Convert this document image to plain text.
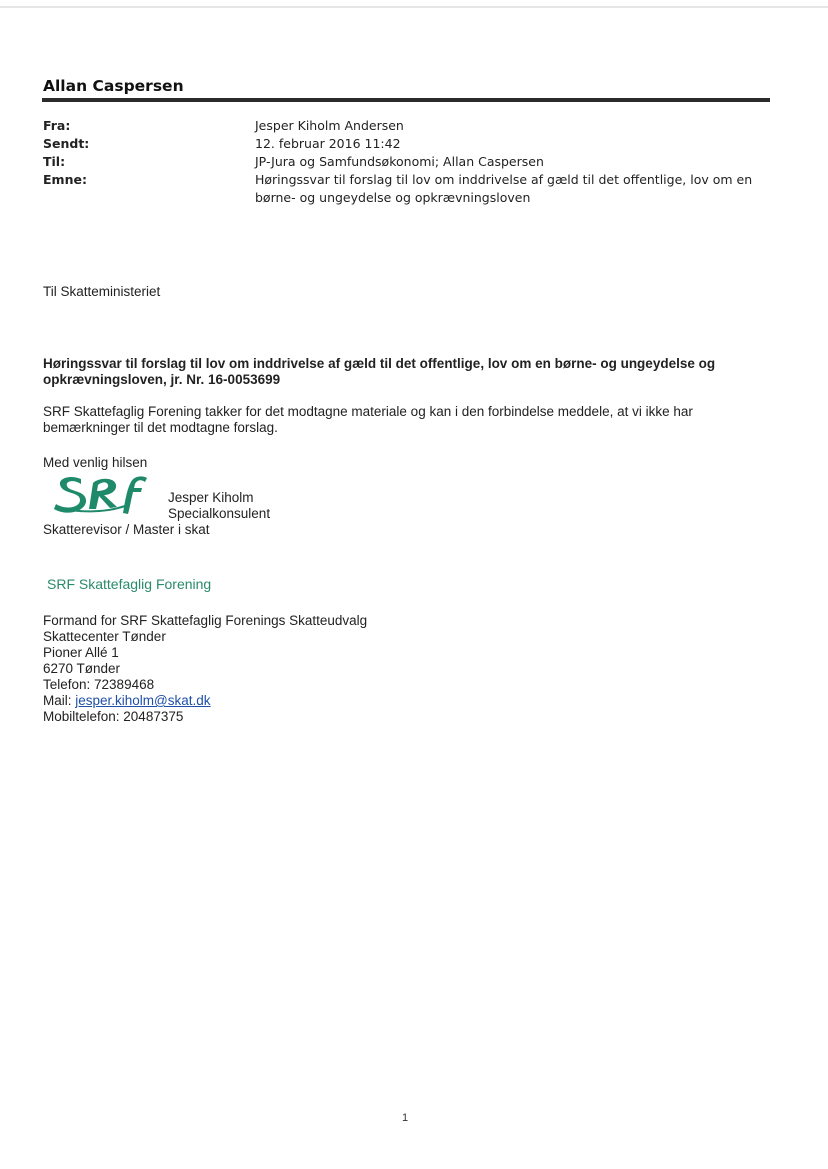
Allan Caspersen
Fra:	Jesper Kiholm Andersen
Sendt:	12. februar 2016 11:42
Til:	JP-Jura og Samfundsøkonomi; Allan Caspersen
Emne:	Høringssvar til forslag til lov om inddrivelse af gæld til det offentlige, lov om en
børne- og ungeydelse og opkrævningsloven
Til Skatteministeriet
Høringssvar til forslag til lov om inddrivelse af gæld til det offentlige, lov om en børne- og ungeydelse og
opkrævningsloven, jr. Nr. 16-0053699
SRF Skattefaglig Forening takker for det modtagne materiale og kan i den forbindelse meddele, at vi ikke har
bemærkninger til det modtagne forslag.
Med venlig hilsen
Jesper Kiholm
Specialkonsulent
Skatterevisor / Master i skat
SRF Skattefaglig Forening
Formand for SRF Skattefaglig Forenings Skatteudvalg
Skattecenter Tønder
Pioner Allé 1
6270 Tønder
Telefon: 72389468
Mail: jesper.kiholm@skat.dk
Mobiltelefon: 20487375
1
